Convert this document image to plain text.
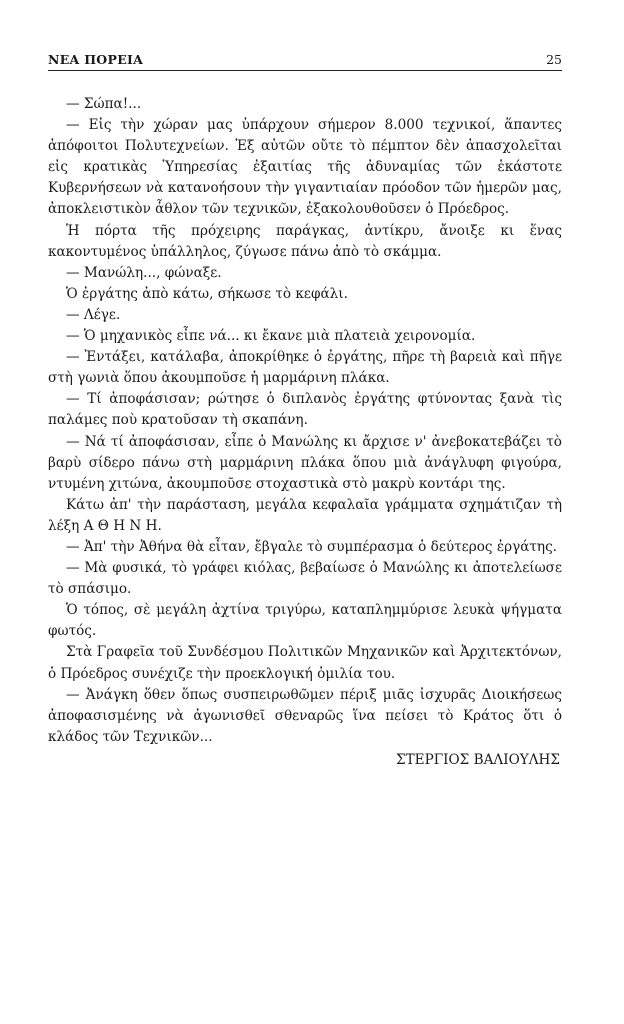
ΝΕΑ ΠΟΡΕΙΑ	25

— Σώπα!...

— Εἰς τὴν χώραν μας ὑπάρχουν σήμερον 8.000 τεχνικοί, ἅπαντες ἀπόφοιτοι Πολυτεχνείων. Ἐξ αὐτῶν οὔτε τὸ πέμπτον δὲν ἀπασχολεῖται εἰς κρατικὰς Ὑπηρεσίας ἐξαιτίας τῆς ἀδυναμίας τῶν ἑκάστοτε Κυβερνήσεων νὰ κατανοήσουν τὴν γιγαντιαίαν πρόοδον τῶν ἡμερῶν μας, ἀποκλειστικὸν ἆθλον τῶν τεχνικῶν, ἐξακολουθοῦσεν ὁ Πρόεδρος.

Ἡ πόρτα τῆς πρόχειρης παράγκας, ἀντίκρυ, ἄνοιξε κι ἕνας κακοντυμένος ὑπάλληλος, ζύγωσε πάνω ἀπὸ τὸ σκάμμα.

— Μανώλη..., φώναξε.

Ὁ ἐργάτης ἀπὸ κάτω, σήκωσε τὸ κεφάλι.

— Λέγε.

— Ὁ μηχανικὸς εἶπε νά... κι ἔκανε μιὰ πλατειὰ χειρονομία.

— Ἐντάξει, κατάλαβα, ἀποκρίθηκε ὁ ἐργάτης, πῆρε τὴ βαρειὰ καὶ πῆγε στὴ γωνιὰ ὅπου ἀκουμποῦσε ἡ μαρμάρινη πλάκα.

— Τί ἀποφάσισαν; ρώτησε ὁ διπλανὸς ἐργάτης φτύνοντας ξανὰ τὶς παλάμες ποὺ κρατοῦσαν τὴ σκαπάνη.

— Νά τί ἀποφάσισαν, εἶπε ὁ Μανώλης κι ἄρχισε ν' ἀνεβοκατεβάζει τὸ βαρὺ σίδερο πάνω στὴ μαρμάρινη πλάκα ὅπου μιὰ ἀνάγλυφη φιγούρα, ντυμένη χιτώνα, ἀκουμποῦσε στοχαστικὰ στὸ μακρὺ κοντάρι της.

Κάτω ἀπ' τὴν παράσταση, μεγάλα κεφαλαῖα γράμματα σχημάτιζαν τὴ λέξη Α Θ Η Ν Η.

— Ἀπ' τὴν Ἀθήνα θὰ εἶταν, ἔβγαλε τὸ συμπέρασμα ὁ δεύτερος ἐργάτης.

— Μὰ φυσικά, τὸ γράφει κιόλας, βεβαίωσε ὁ Μανώλης κι ἀποτελείωσε τὸ σπάσιμο.

Ὁ τόπος, σὲ μεγάλη ἀχτίνα τριγύρω, καταπλημμύρισε λευκὰ ψήγματα φωτός.

Στὰ Γραφεῖα τοῦ Συνδέσμου Πολιτικῶν Μηχανικῶν καὶ Ἀρχιτεκτόνων, ὁ Πρόεδρος συνέχιζε τὴν προεκλογική ὁμιλία του.

— Ἀνάγκη ὅθεν ὅπως συσπειρωθῶμεν πέριξ μιᾶς ἰσχυρᾶς Διοικήσεως ἀποφασισμένης νὰ ἀγωνισθεῖ σθεναρῶς ἵνα πείσει τὸ Κράτος ὅτι ὁ κλάδος τῶν Τεχνικῶν...

ΣΤΕΡΓΙΟΣ ΒΑΛΙΟΥΛΗΣ
